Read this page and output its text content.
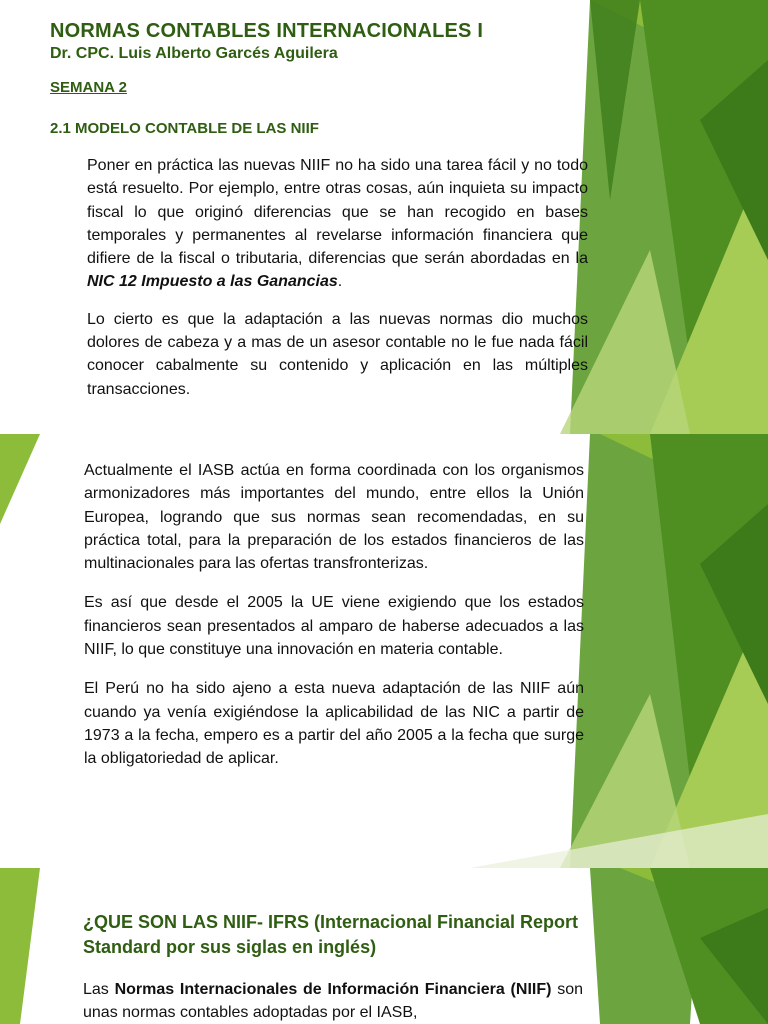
NORMAS CONTABLES INTERNACIONALES I
Dr. CPC. Luis Alberto Garcés Aguilera
SEMANA 2
2.1 MODELO CONTABLE DE LAS NIIF

Poner en práctica las nuevas NIIF no ha sido una tarea fácil y no todo está resuelto. Por ejemplo, entre otras cosas, aún inquieta su impacto fiscal lo que originó diferencias que se han recogido en bases temporales y permanentes al revelarse información financiera que difiere de la fiscal o tributaria, diferencias que serán abordadas en la NIC 12 Impuesto a las Ganancias.

Lo cierto es que la adaptación a las nuevas normas dio muchos dolores de cabeza y a mas de un asesor contable no le fue nada fácil conocer cabalmente su contenido y aplicación en las múltiples transacciones.

Actualmente el IASB actúa en forma coordinada con los organismos armonizadores más importantes del mundo, entre ellos la Unión Europea, logrando que sus normas sean recomendadas, en su práctica total, para la preparación de los estados financieros de las multinacionales para las ofertas transfronterizas.

Es así que desde el 2005 la UE viene exigiendo que los estados financieros sean presentados al amparo de haberse adecuados a las NIIF, lo que constituye una innovación en materia contable.

El Perú no ha sido ajeno a esta nueva adaptación de las NIIF aún cuando ya venía exigiéndose la aplicabilidad de las NIC a partir de 1973 a la fecha, empero es a partir del año 2005 a la fecha que surge la obligatoriedad de aplicar.

¿QUE SON LAS NIIF- IFRS (Internacional Financial Report Standard por sus siglas en inglés)

Las Normas Internacionales de Información Financiera (NIIF) son unas normas contables adoptadas por el IASB,
